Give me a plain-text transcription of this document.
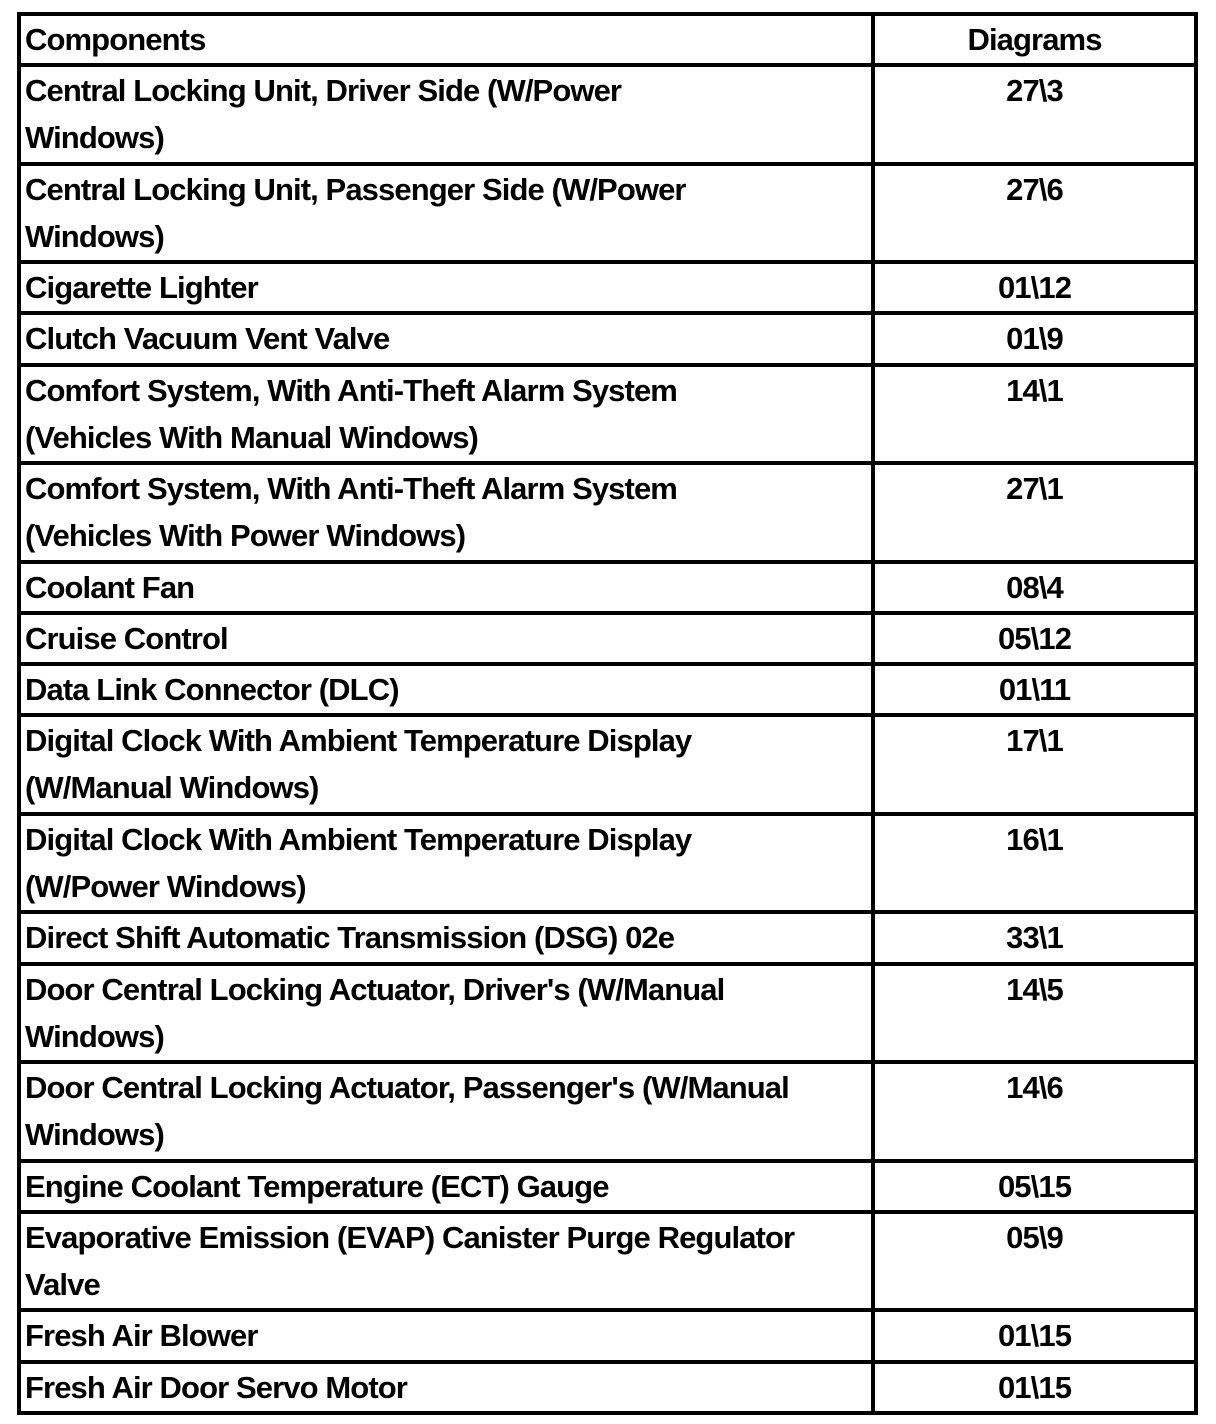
Components	Diagrams

Central Locking Unit, Driver Side (W/Power
Windows)	27\3

Central Locking Unit, Passenger Side (W/Power
Windows)	27\6

Cigarette Lighter	01\12

Clutch Vacuum Vent Valve	01\9

Comfort System, With Anti-Theft Alarm System
(Vehicles With Manual Windows)	14\1

Comfort System, With Anti-Theft Alarm System
(Vehicles With Power Windows)	27\1

Coolant Fan	08\4

Cruise Control	05\12

Data Link Connector (DLC)	01\11

Digital Clock With Ambient Temperature Display
(W/Manual Windows)	17\1

Digital Clock With Ambient Temperature Display
(W/Power Windows)	16\1

Direct Shift Automatic Transmission (DSG) 02e	33\1

Door Central Locking Actuator, Driver's (W/Manual
Windows)	14\5

Door Central Locking Actuator, Passenger's (W/Manual
Windows)	14\6

Engine Coolant Temperature (ECT) Gauge	05\15

Evaporative Emission (EVAP) Canister Purge Regulator
Valve	05\9

Fresh Air Blower	01\15

Fresh Air Door Servo Motor	01\15
